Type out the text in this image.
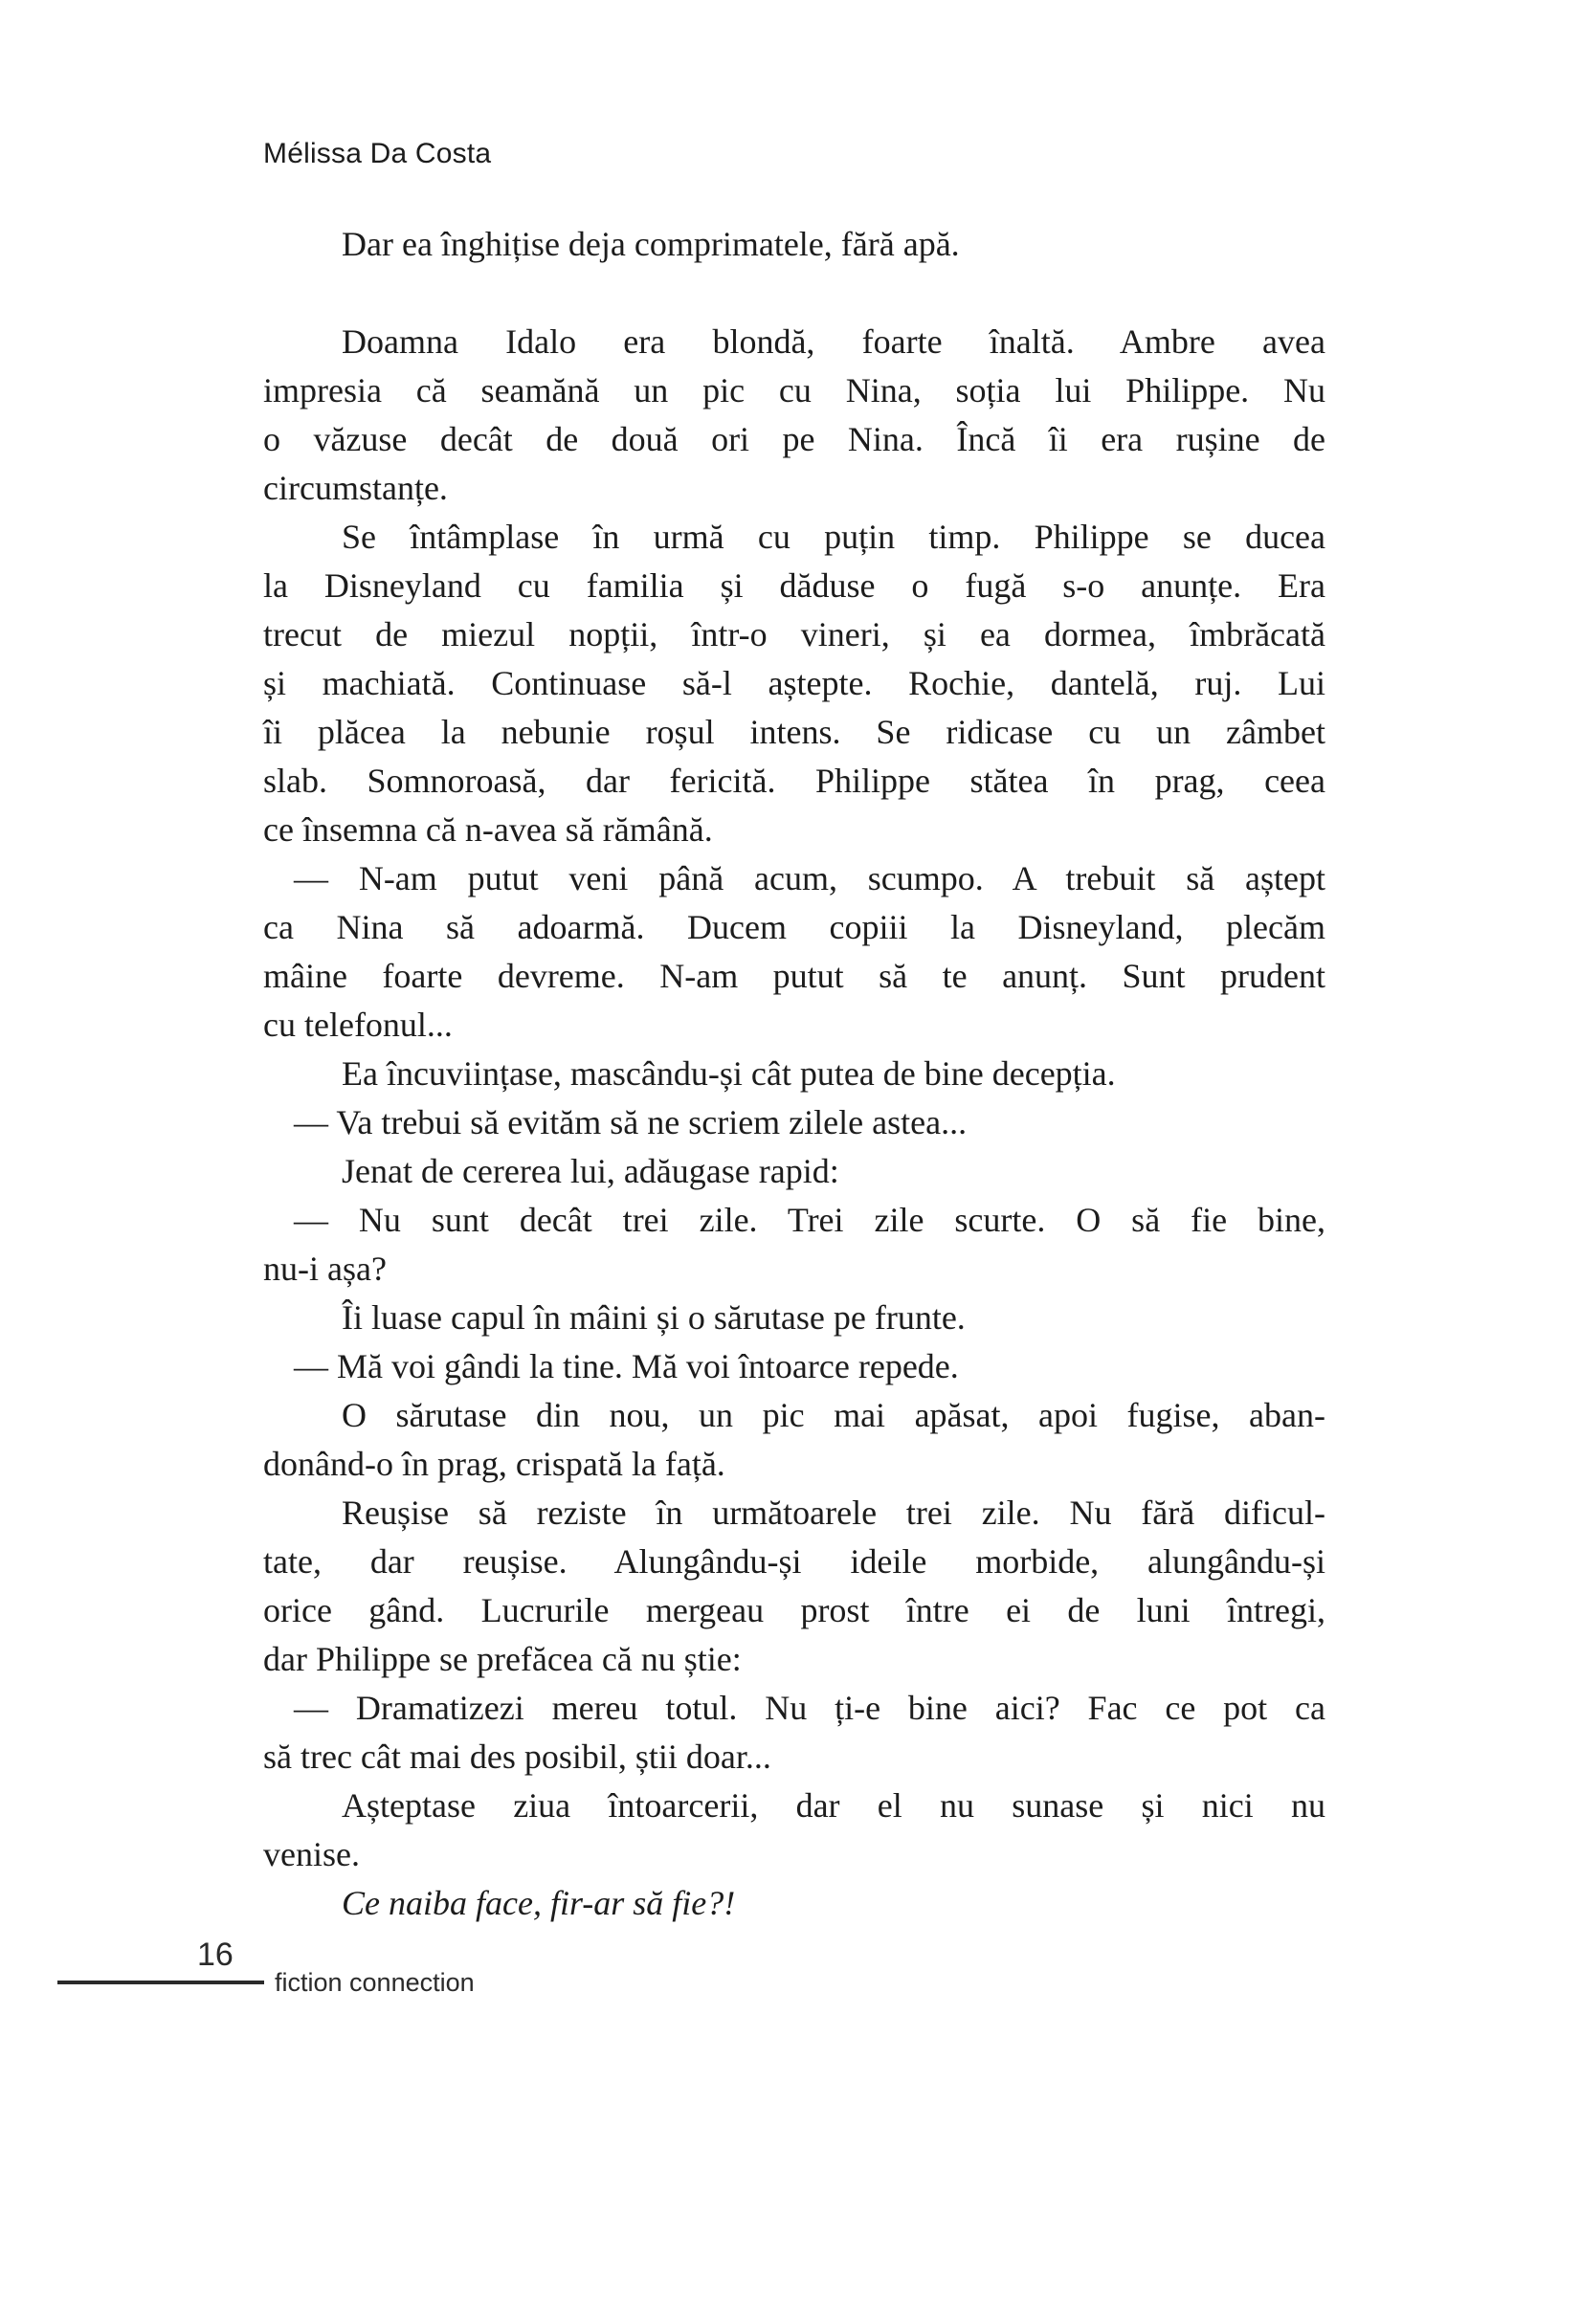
Mélissa Da Costa
Dar ea înghițise deja comprimatele, fără apă.
Doamna Idalo era blondă, foarte înaltă. Ambre avea
impresia că seamănă un pic cu Nina, soția lui Philippe. Nu
o văzuse decât de două ori pe Nina. Încă îi era rușine de
circumstanțe.
Se întâmplase în urmă cu puțin timp. Philippe se ducea
la Disneyland cu familia și dăduse o fugă s-o anunțe. Era
trecut de miezul nopții, într-o vineri, și ea dormea, îmbrăcată
și machiată. Continuase să-l aștepte. Rochie, dantelă, ruj. Lui
îi plăcea la nebunie roșul intens. Se ridicase cu un zâmbet
slab. Somnoroasă, dar fericită. Philippe stătea în prag, ceea
ce însemna că n-avea să rămână.
— N-am putut veni până acum, scumpo. A trebuit să aștept
ca Nina să adoarmă. Ducem copiii la Disneyland, plecăm
mâine foarte devreme. N-am putut să te anunț. Sunt prudent
cu telefonul...
Ea încuviințase, mascându-și cât putea de bine decepția.
— Va trebui să evităm să ne scriem zilele astea...
Jenat de cererea lui, adăugase rapid:
— Nu sunt decât trei zile. Trei zile scurte. O să fie bine,
nu-i așa?
Îi luase capul în mâini și o sărutase pe frunte.
— Mă voi gândi la tine. Mă voi întoarce repede.
O sărutase din nou, un pic mai apăsat, apoi fugise, aban-
donând-o în prag, crispată la față.
Reușise să reziste în următoarele trei zile. Nu fără dificul-
tate, dar reușise. Alungându-și ideile morbide, alungându-și
orice gând. Lucrurile mergeau prost între ei de luni întregi,
dar Philippe se prefăcea că nu știe:
— Dramatizezi mereu totul. Nu ți-e bine aici? Fac ce pot ca
să trec cât mai des posibil, știi doar...
Așteptase ziua întoarcerii, dar el nu sunase și nici nu
venise.
Ce naiba face, fir-ar să fie?!
16
fiction connection
